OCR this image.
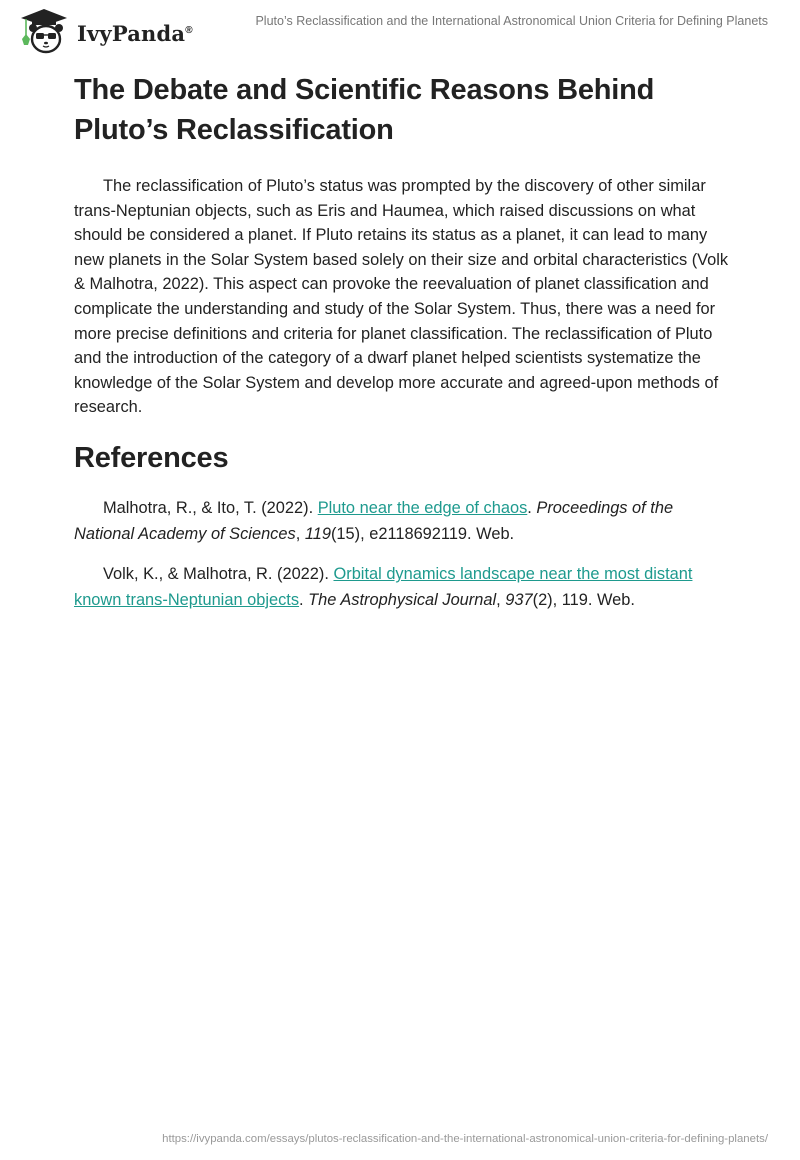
IvyPanda®
Pluto’s Reclassification and the International Astronomical Union Criteria for Defining Planets
The Debate and Scientific Reasons Behind Pluto’s Reclassification

The reclassification of Pluto’s status was prompted by the discovery of other similar trans-Neptunian objects, such as Eris and Haumea, which raised discussions on what should be considered a planet. If Pluto retains its status as a planet, it can lead to many new planets in the Solar System based solely on their size and orbital characteristics (Volk & Malhotra, 2022). This aspect can provoke the reevaluation of planet classification and complicate the understanding and study of the Solar System. Thus, there was a need for more precise definitions and criteria for planet classification. The reclassification of Pluto and the introduction of the category of a dwarf planet helped scientists systematize the knowledge of the Solar System and develop more accurate and agreed-upon methods of research.

References

Malhotra, R., & Ito, T. (2022). Pluto near the edge of chaos. Proceedings of the National Academy of Sciences, 119(15), e2118692119. Web.

Volk, K., & Malhotra, R. (2022). Orbital dynamics landscape near the most distant known trans-Neptunian objects. The Astrophysical Journal, 937(2), 119. Web.

https://ivypanda.com/essays/plutos-reclassification-and-the-international-astronomical-union-criteria-for-defining-planets/
